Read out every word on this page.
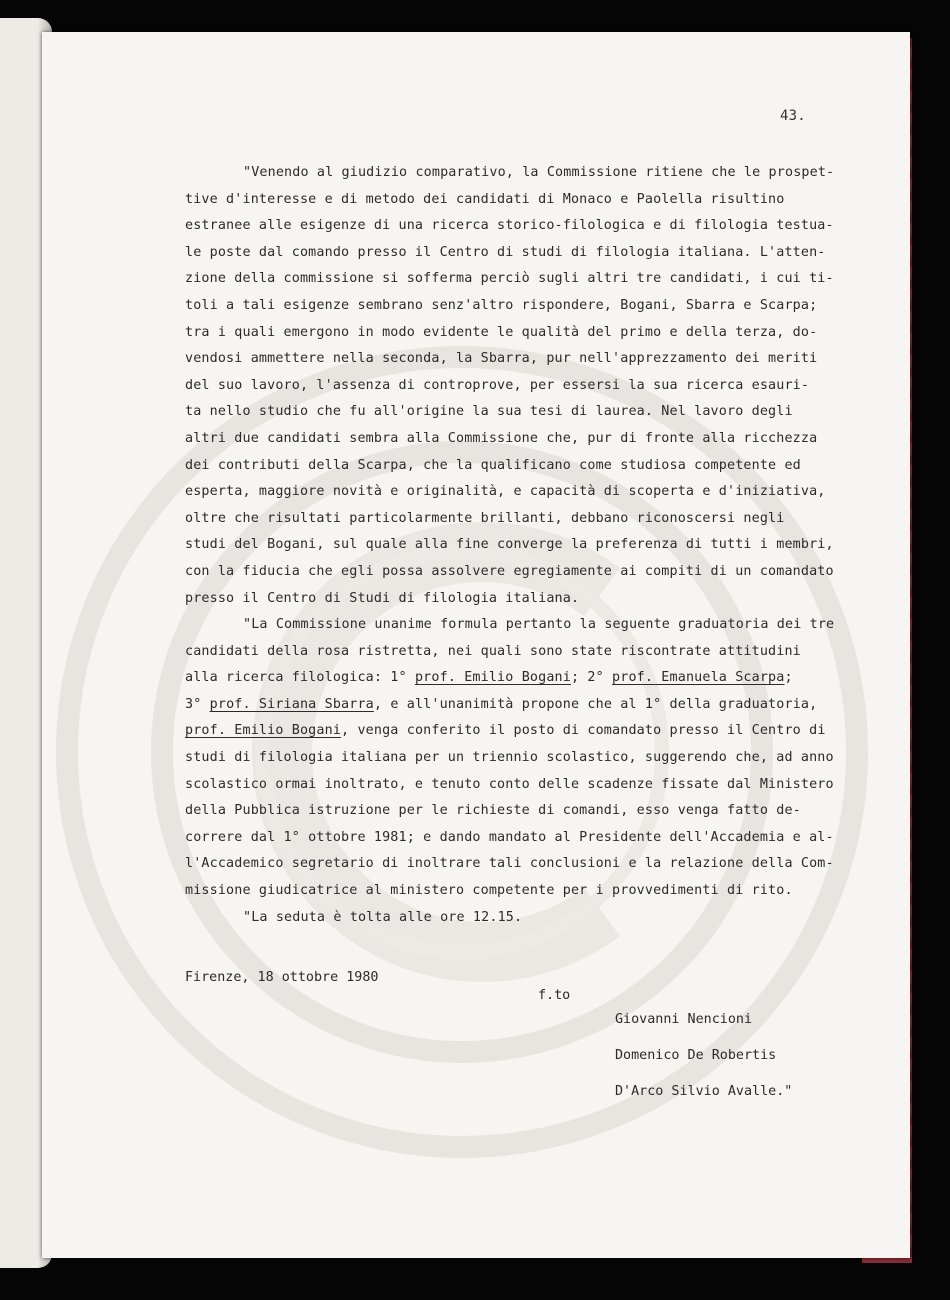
43.
"Venendo al giudizio comparativo, la Commissione ritiene che le prospet-
tive d'interesse e di metodo dei candidati di Monaco e Paolella risultino
estranee alle esigenze di una ricerca storico-filologica e di filologia testua-
le poste dal comando presso il Centro di studi di filologia italiana. L'atten-
zione della commissione si sofferma perciò sugli altri tre candidati, i cui ti-
toli a tali esigenze sembrano senz'altro rispondere, Bogani, Sbarra e Scarpa;
tra i quali emergono in modo evidente le qualità del primo e della terza, do-
vendosi ammettere nella seconda, la Sbarra, pur nell'apprezzamento dei meriti
del suo lavoro, l'assenza di controprove, per essersi la sua ricerca esauri-
ta nello studio che fu all'origine la sua tesi di laurea. Nel lavoro degli
altri due candidati sembra alla Commissione che, pur di fronte alla ricchezza
dei contributi della Scarpa, che la qualificano come studiosa competente ed
esperta, maggiore novità e originalità, e capacità di scoperta e d'iniziativa,
oltre che risultati particolarmente brillanti, debbano riconoscersi negli
studi del Bogani, sul quale alla fine converge la preferenza di tutti i membri,
con la fiducia che egli possa assolvere egregiamente ai compiti di un comandato
presso il Centro di Studi di filologia italiana.
"La Commissione unanime formula pertanto la seguente graduatoria dei tre
candidati della rosa ristretta, nei quali sono state riscontrate attitudini
alla ricerca filologica: 1° prof. Emilio Bogani; 2° prof. Emanuela Scarpa;
3° prof. Siriana Sbarra, e all'unanimità propone che al 1° della graduatoria,
prof. Emilio Bogani, venga conferito il posto di comandato presso il Centro di
studi di filologia italiana per un triennio scolastico, suggerendo che, ad anno
scolastico ormai inoltrato, e tenuto conto delle scadenze fissate dal Ministero
della Pubblica istruzione per le richieste di comandi, esso venga fatto de-
correre dal 1° ottobre 1981; e dando mandato al Presidente dell'Accademia e al-
l'Accademico segretario di inoltrare tali conclusioni e la relazione della Com-
missione giudicatrice al ministero competente per i provvedimenti di rito.
"La seduta è tolta alle ore 12.15.
Firenze, 18 ottobre 1980
f.to
Giovanni Nencioni
Domenico De Robertis
D'Arco Silvio Avalle."
